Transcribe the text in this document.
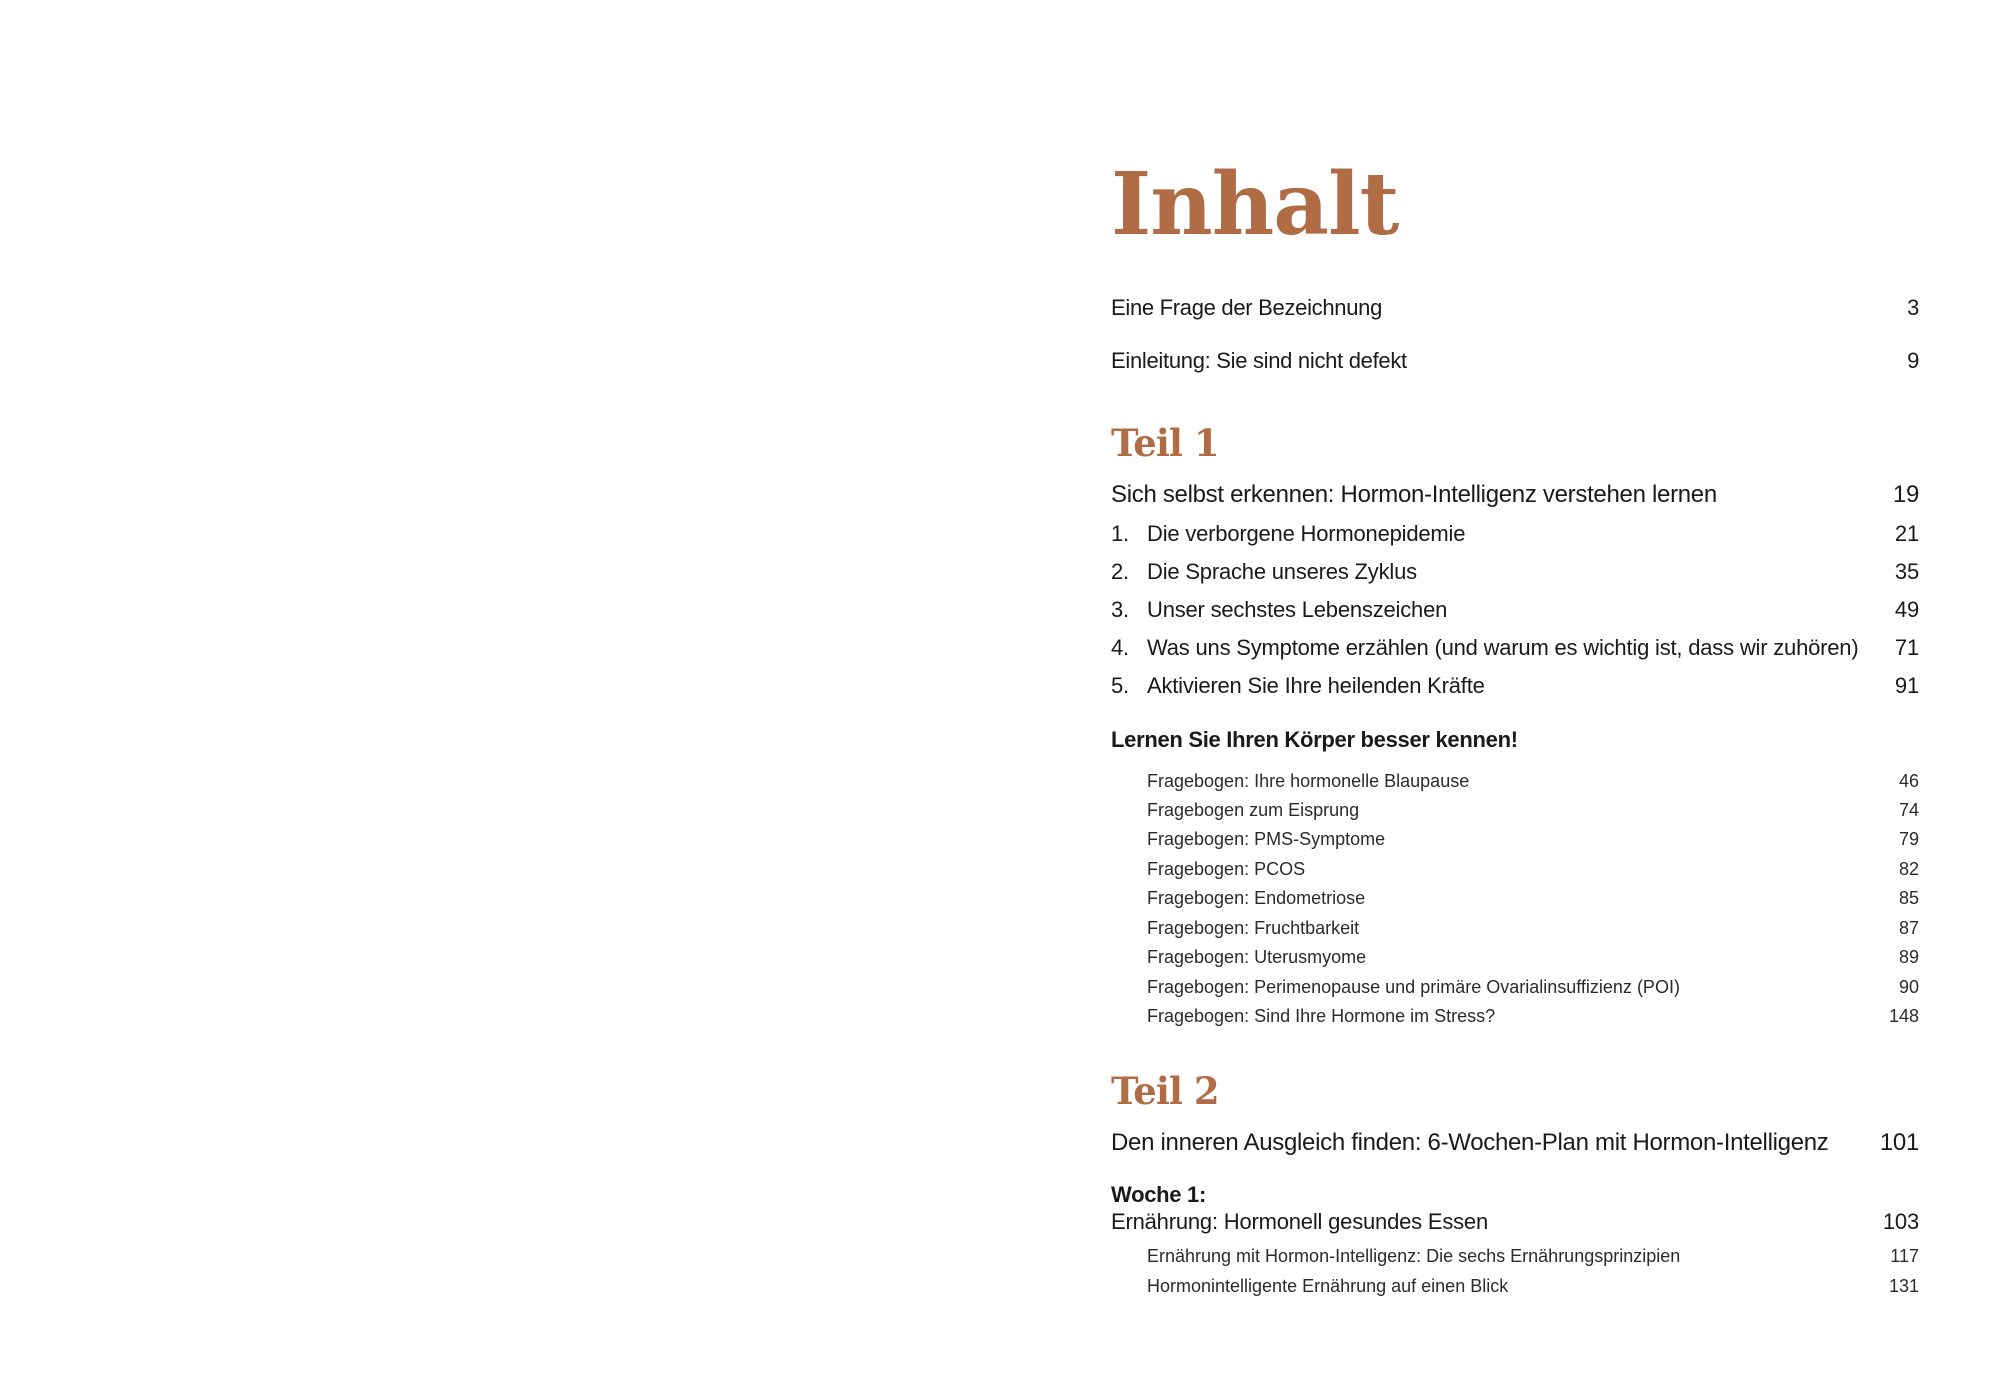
Inhalt
Eine Frage der Bezeichnung	3
Einleitung: Sie sind nicht defekt	9
Teil 1
Sich selbst erkennen: Hormon-Intelligenz verstehen lernen	19
1. Die verborgene Hormonepidemie	21
2. Die Sprache unseres Zyklus	35
3. Unser sechstes Lebenszeichen	49
4. Was uns Symptome erzählen (und warum es wichtig ist, dass wir zuhören) 71
5. Aktivieren Sie Ihre heilenden Kräfte	91
Lernen Sie Ihren Körper besser kennen!
Fragebogen: Ihre hormonelle Blaupause	46
Fragebogen zum Eisprung	74
Fragebogen: PMS-Symptome	79
Fragebogen: PCOS	82
Fragebogen: Endometriose	85
Fragebogen: Fruchtbarkeit	87
Fragebogen: Uterusmyome	89
Fragebogen: Perimenopause und primäre Ovarialinsuffizienz (POI)	90
Fragebogen: Sind Ihre Hormone im Stress?	148
Teil 2
Den inneren Ausgleich finden: 6-Wochen-Plan mit Hormon-Intelligenz 101
Woche 1:
Ernährung: Hormonell gesundes Essen	103
Ernährung mit Hormon-Intelligenz: Die sechs Ernährungsprinzipien	117
Hormonintelligente Ernährung auf einen Blick	131
